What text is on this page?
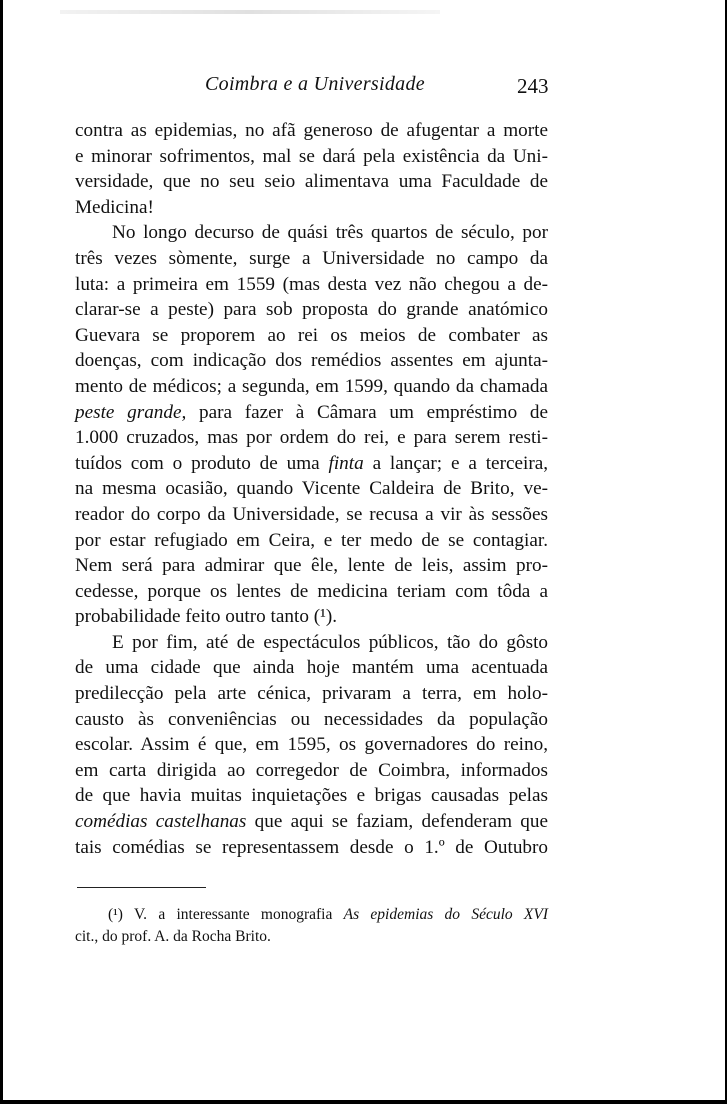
Coimbra e a Universidade	243
contra as epidemias, no afã generoso de afugentar a morte
e minorar sofrimentos, mal se dará pela existência da Uni-
versidade, que no seu seio alimentava uma Faculdade de
Medicina!
No longo decurso de quási três quartos de século, por
três vezes sòmente, surge a Universidade no campo da
luta: a primeira em 1559 (mas desta vez não chegou a de-
clarar-se a peste) para sob proposta do grande anatómico
Guevara se proporem ao rei os meios de combater as
doenças, com indicação dos remédios assentes em ajunta-
mento de médicos; a segunda, em 1599, quando da chamada
peste grande, para fazer à Câmara um empréstimo de
1.000 cruzados, mas por ordem do rei, e para serem resti-
tuídos com o produto de uma finta a lançar; e a terceira,
na mesma ocasião, quando Vicente Caldeira de Brito, ve-
reador do corpo da Universidade, se recusa a vir às sessões
por estar refugiado em Ceira, e ter medo de se contagiar.
Nem será para admirar que êle, lente de leis, assim pro-
cedesse, porque os lentes de medicina teriam com tôda a
probabilidade feito outro tanto (¹).
E por fim, até de espectáculos públicos, tão do gôsto
de uma cidade que ainda hoje mantém uma acentuada
predilecção pela arte cénica, privaram a terra, em holo-
causto às conveniências ou necessidades da população
escolar. Assim é que, em 1595, os governadores do reino,
em carta dirigida ao corregedor de Coimbra, informados
de que havia muitas inquietações e brigas causadas pelas
comédias castelhanas que aqui se faziam, defenderam que
tais comédias se representassem desde o 1.º de Outubro
(¹) V. a interessante monografia As epidemias do Século XVI
cit., do prof. A. da Rocha Brito.
